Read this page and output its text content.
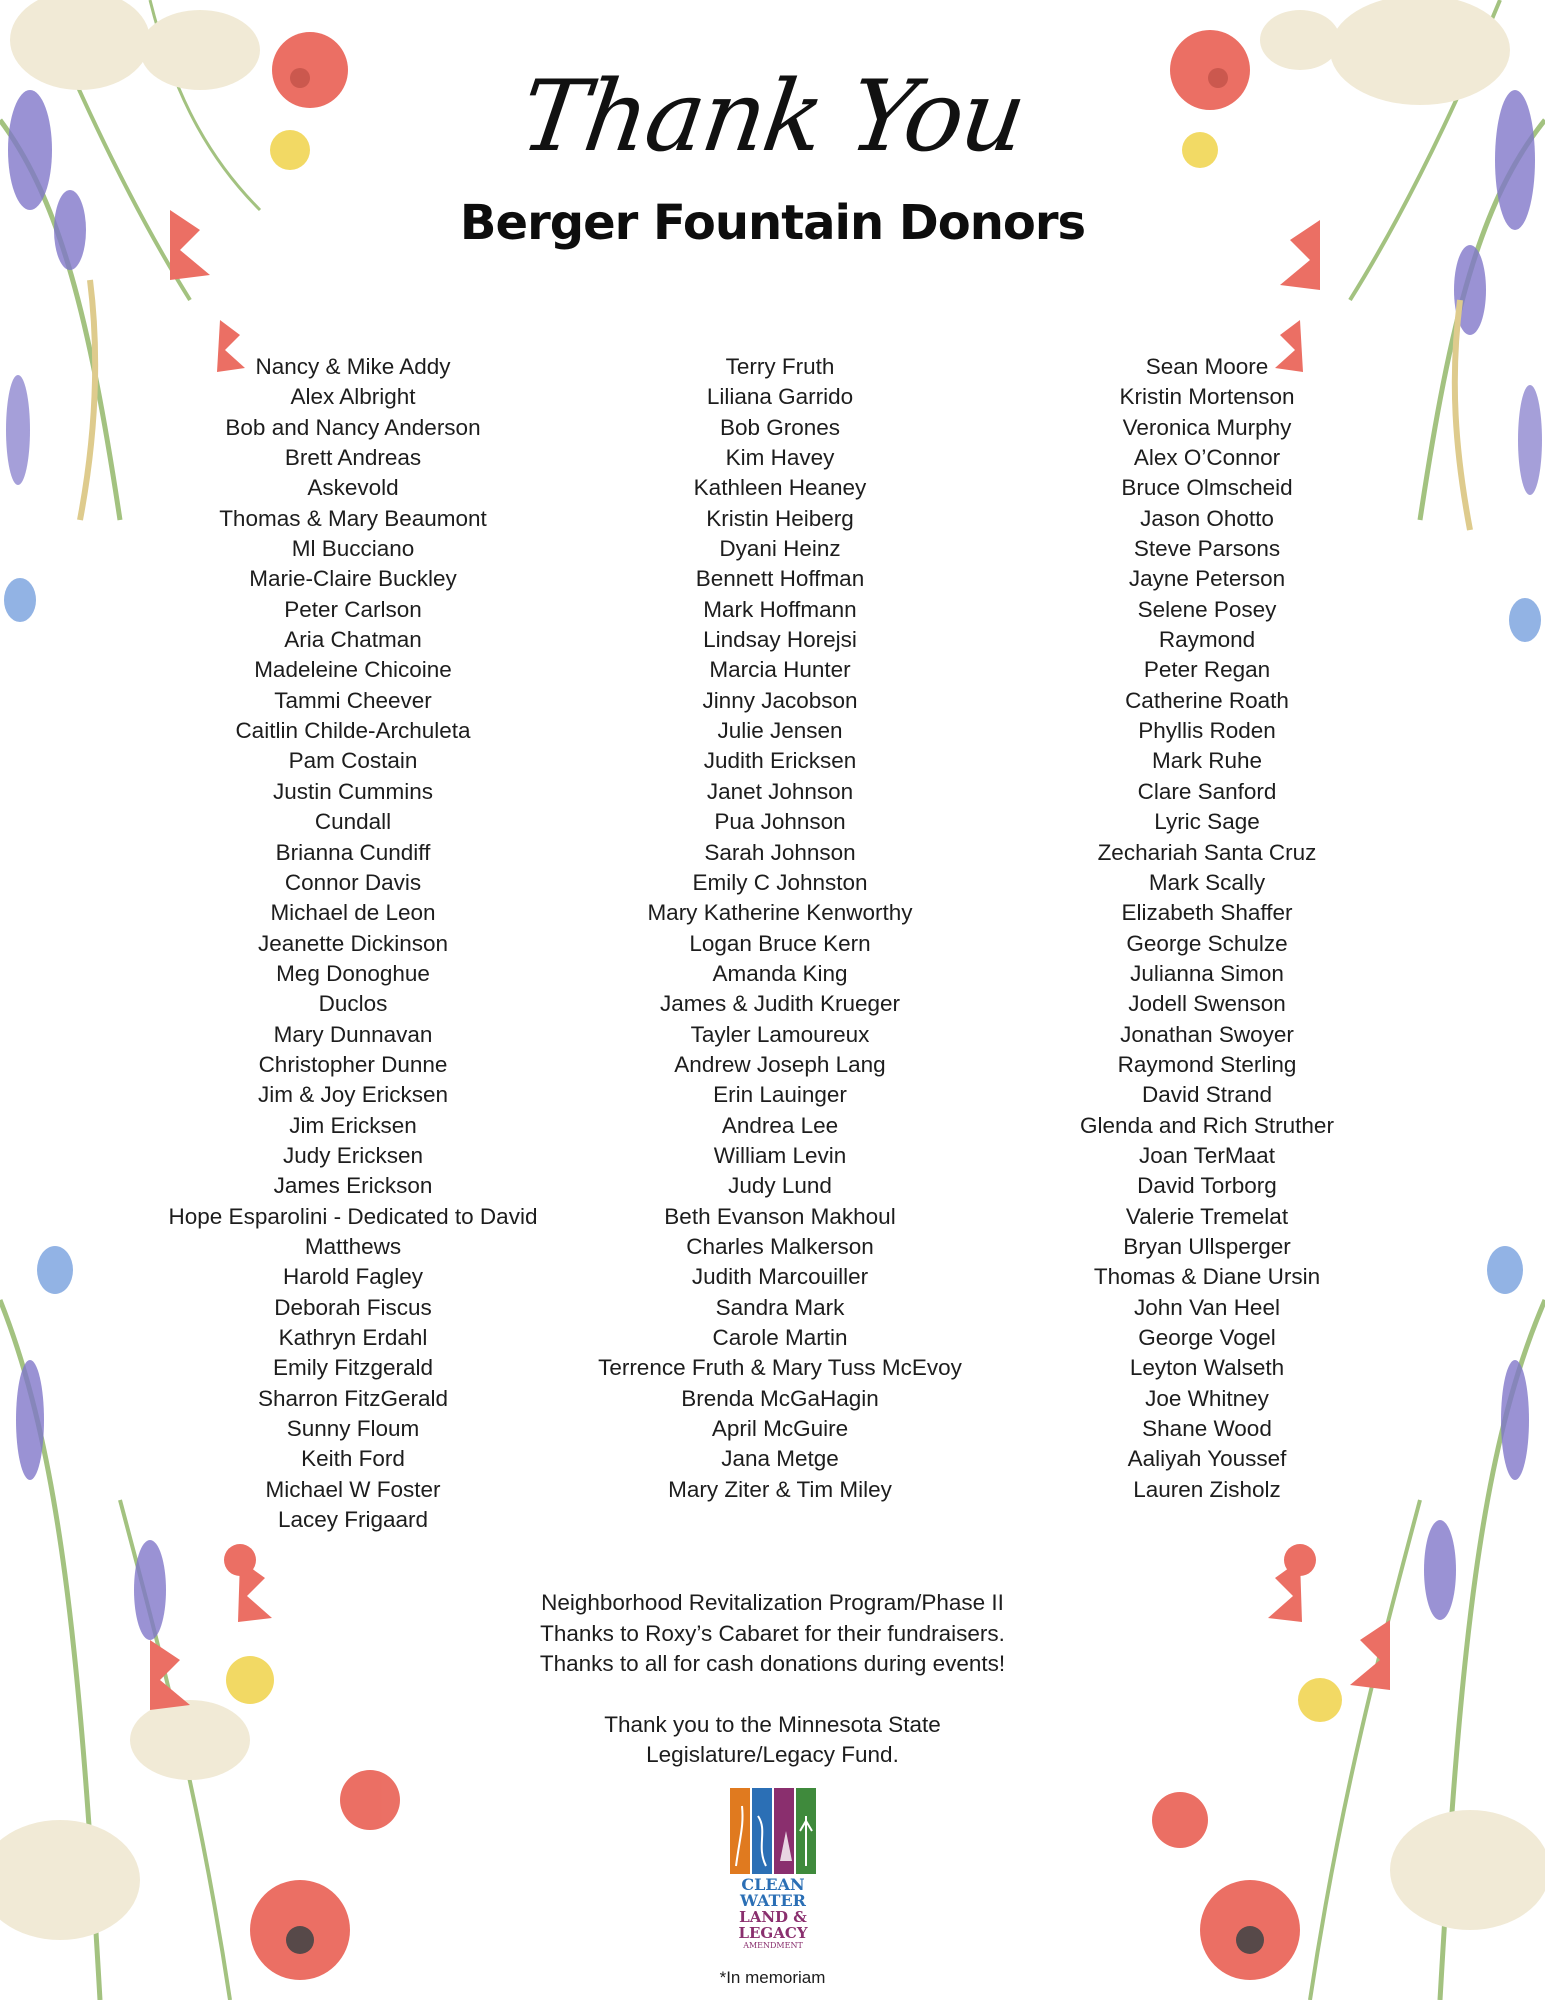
Thank You
Berger Fountain Donors
Nancy & Mike Addy
Alex Albright
Bob and Nancy Anderson
Brett Andreas
Askevold
Thomas & Mary Beaumont
Ml Bucciano
Marie-Claire Buckley
Peter Carlson
Aria Chatman
Madeleine Chicoine
Tammi Cheever
Caitlin Childe-Archuleta
Pam Costain
Justin Cummins
Cundall
Brianna Cundiff
Connor Davis
Michael de Leon
Jeanette Dickinson
Meg Donoghue
Duclos
Mary Dunnavan
Christopher Dunne
Jim & Joy Ericksen
Jim Ericksen
Judy Ericksen
James Erickson
Hope Esparolini - Dedicated to David
Matthews
Harold Fagley
Deborah Fiscus
Kathryn Erdahl
Emily Fitzgerald
Sharron FitzGerald
Sunny Floum
Keith Ford
Michael W Foster
Lacey Frigaard
Terry Fruth
Liliana Garrido
Bob Grones
Kim Havey
Kathleen Heaney
Kristin Heiberg
Dyani Heinz
Bennett Hoffman
Mark Hoffmann
Lindsay Horejsi
Marcia Hunter
Jinny Jacobson
Julie Jensen
Judith Ericksen
Janet Johnson
Pua Johnson
Sarah Johnson
Emily C Johnston
Mary Katherine Kenworthy
Logan Bruce Kern
Amanda King
James & Judith Krueger
Tayler Lamoureux
Andrew Joseph Lang
Erin Lauinger
Andrea Lee
William Levin
Judy Lund
Beth Evanson Makhoul
Charles Malkerson
Judith Marcouiller
Sandra Mark
Carole Martin
Terrence Fruth & Mary Tuss McEvoy
Brenda McGaHagin
April McGuire
Jana Metge
Mary Ziter & Tim Miley
Sean Moore
Kristin Mortenson
Veronica Murphy
Alex O’Connor
Bruce Olmscheid
Jason Ohotto
Steve Parsons
Jayne Peterson
Selene Posey
Raymond
Peter Regan
Catherine Roath
Phyllis Roden
Mark Ruhe
Clare Sanford
Lyric Sage
Zechariah Santa Cruz
Mark Scally
Elizabeth Shaffer
George Schulze
Julianna Simon
Jodell Swenson
Jonathan Swoyer
Raymond Sterling
David Strand
Glenda and Rich Struther
Joan TerMaat
David Torborg
Valerie Tremelat
Bryan Ullsperger
Thomas & Diane Ursin
John Van Heel
George Vogel
Leyton Walseth
Joe Whitney
Shane Wood
Aaliyah Youssef
Lauren Zisholz
Neighborhood Revitalization Program/Phase II
Thanks to Roxy’s Cabaret for their fundraisers.
Thanks to all for cash donations during events!
Thank you to the Minnesota State
Legislature/Legacy Fund.
CLEAN
WATER
LAND &
LEGACY
AMENDMENT
*In memoriam
